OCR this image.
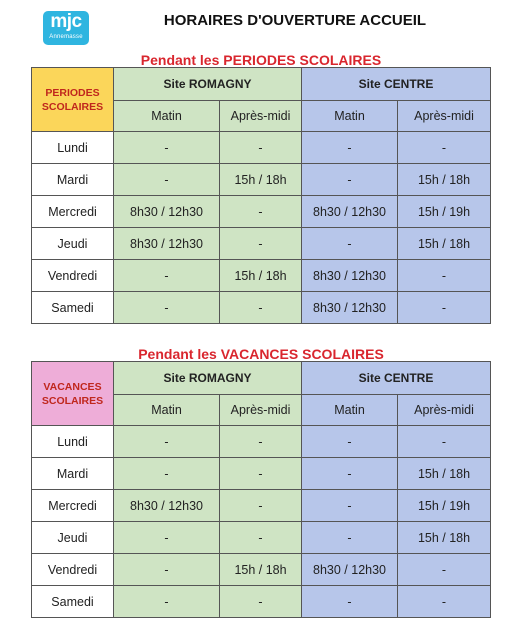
mjc
Annemasse
HORAIRES D'OUVERTURE ACCUEIL
Pendant les PERIODES SCOLAIRES
PERIODES
SCOLAIRES	Site ROMAGNY		Site CENTRE	
	Matin	Après-midi	Matin	Après-midi
Lundi	-	-	-	-
Mardi	-	15h / 18h	-	15h / 18h
Mercredi	8h30 / 12h30	-	8h30 / 12h30	15h / 19h
Jeudi	8h30 / 12h30	-	-	15h / 18h
Vendredi	-	15h / 18h	8h30 / 12h30	-
Samedi	-	-	8h30 / 12h30	-
Pendant les VACANCES SCOLAIRES
VACANCES
SCOLAIRES	Site ROMAGNY		Site CENTRE	
	Matin	Après-midi	Matin	Après-midi
Lundi	-	-	-	-
Mardi	-	-	-	15h / 18h
Mercredi	8h30 / 12h30	-	-	15h / 19h
Jeudi	-	-	-	15h / 18h
Vendredi	-	15h / 18h	8h30 / 12h30	-
Samedi	-	-	-	-
